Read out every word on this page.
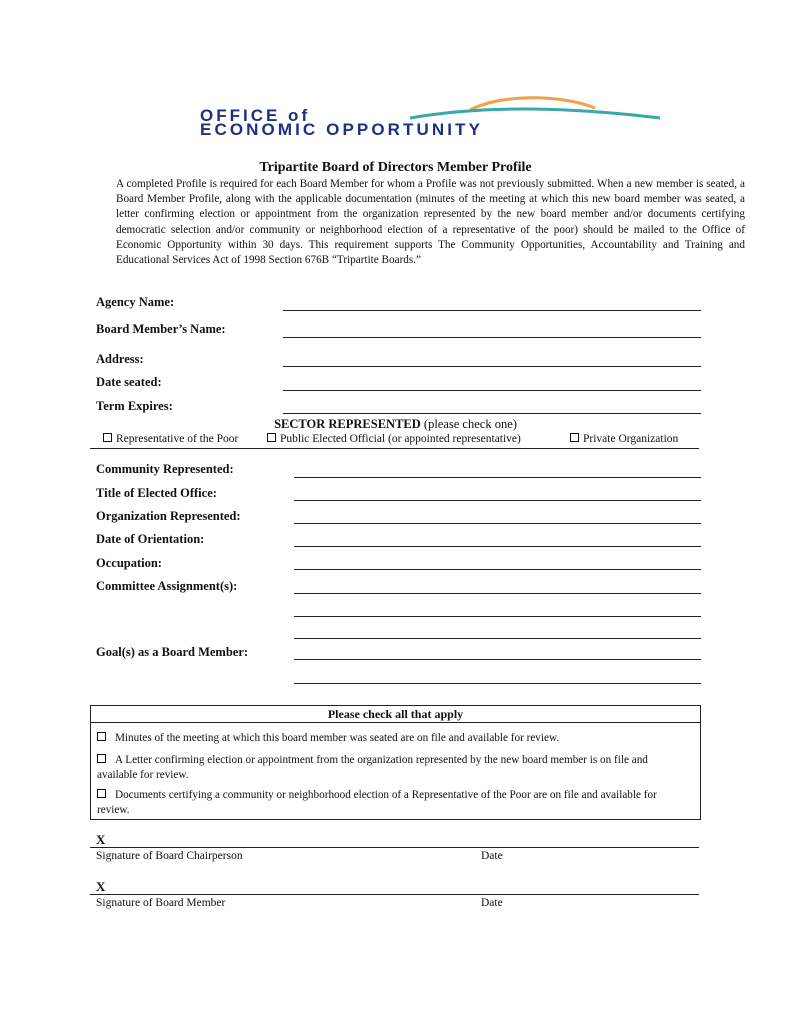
OFFICE of
ECONOMIC OPPORTUNITY
Tripartite Board of Directors Member Profile
A completed Profile is required for each Board Member for whom a Profile was not previously submitted. When a new member is seated, a Board Member Profile, along with the applicable documentation (minutes of the meeting at which this new board member was seated, a letter confirming election or appointment from the organization represented by the new board member and/or documents certifying democratic selection and/or community or neighborhood election of a representative of the poor) should be mailed to the Office of Economic Opportunity within 30 days. This requirement supports The Community Opportunities, Accountability and Training and Educational Services Act of 1998 Section 676B “Tripartite Boards.”
Agency Name:
Board Member’s Name:
Address:
Date seated:
Term Expires:
SECTOR REPRESENTED (please check one)
Representative of the Poor	Public Elected Official (or appointed representative)	Private Organization
Community Represented:
Title of Elected Office:
Organization Represented:
Date of Orientation:
Occupation:
Committee Assignment(s):
Goal(s) as a Board Member:
Please check all that apply
Minutes of the meeting at which this board member was seated are on file and available for review.
A Letter confirming election or appointment from the organization represented by the new board member is on file and available for review.
Documents certifying a community or neighborhood election of a Representative of the Poor are on file and available for review.
X
Signature of Board Chairperson	Date
X
Signature of Board Member	Date
